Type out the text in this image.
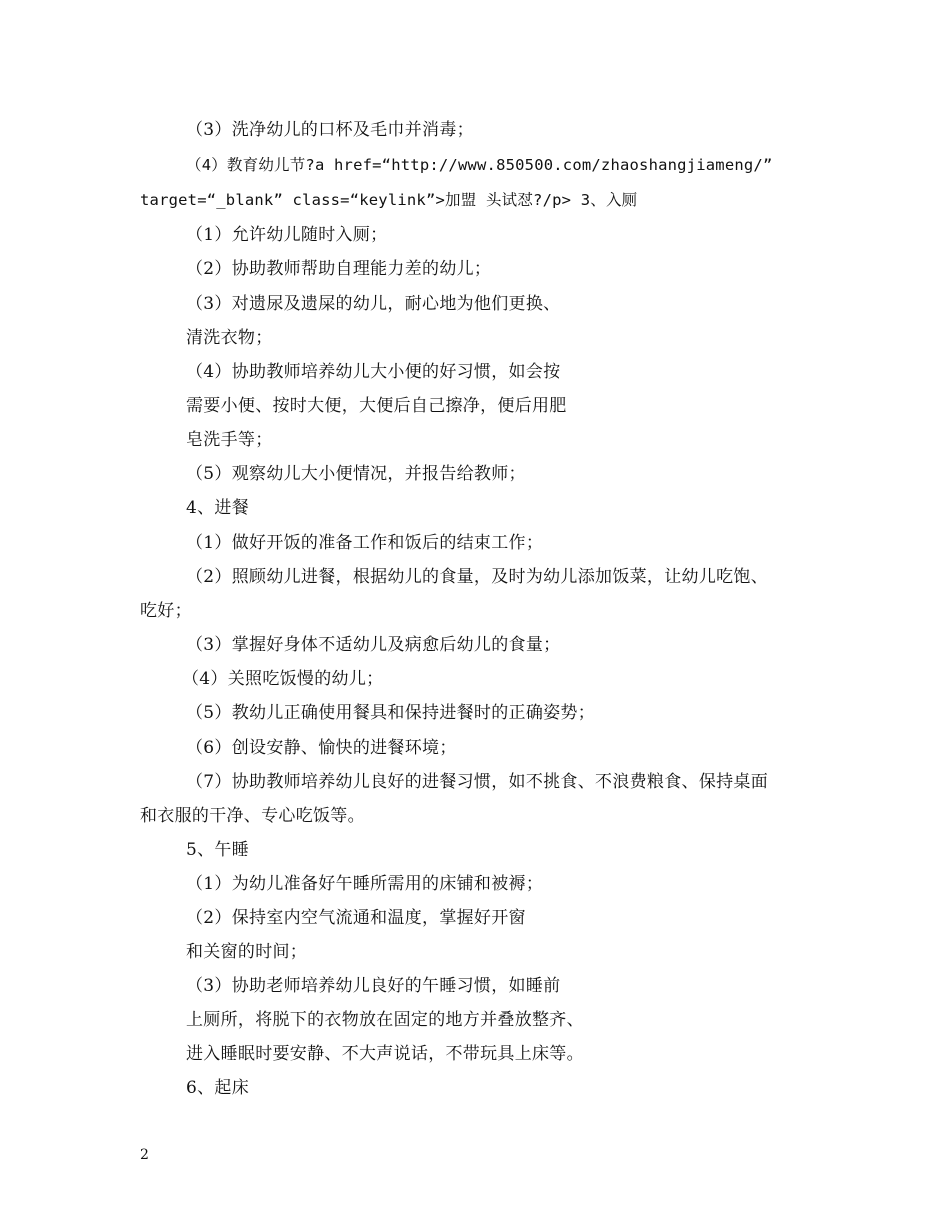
（3）洗净幼儿的口杯及毛巾并消毒；
（4）教育幼儿节?a href=“http://www.850500.com/zhaoshangjiameng/”
target=“_blank” class=“keylink”>加盟 头试怼?/p> 3、入厕
（1）允许幼儿随时入厕；
（2）协助教师帮助自理能力差的幼儿；
（3）对遗尿及遗屎的幼儿，耐心地为他们更换、
清洗衣物；
（4）协助教师培养幼儿大小便的好习惯，如会按
需要小便、按时大便，大便后自己擦净，便后用肥
皂洗手等；
（5）观察幼儿大小便情况，并报告给教师；
4、进餐
（1）做好开饭的准备工作和饭后的结束工作；
（2）照顾幼儿进餐，根据幼儿的食量，及时为幼儿添加饭菜，让幼儿吃饱、
吃好；
（3）掌握好身体不适幼儿及病愈后幼儿的食量；
（4）关照吃饭慢的幼儿；
（5）教幼儿正确使用餐具和保持进餐时的正确姿势；
（6）创设安静、愉快的进餐环境；
（7）协助教师培养幼儿良好的进餐习惯，如不挑食、不浪费粮食、保持桌面
和衣服的干净、专心吃饭等。
5、午睡
（1）为幼儿准备好午睡所需用的床铺和被褥；
（2）保持室内空气流通和温度，掌握好开窗
和关窗的时间；
（3）协助老师培养幼儿良好的午睡习惯，如睡前
上厕所，将脱下的衣物放在固定的地方并叠放整齐、
进入睡眠时要安静、不大声说话，不带玩具上床等。
6、起床
2
